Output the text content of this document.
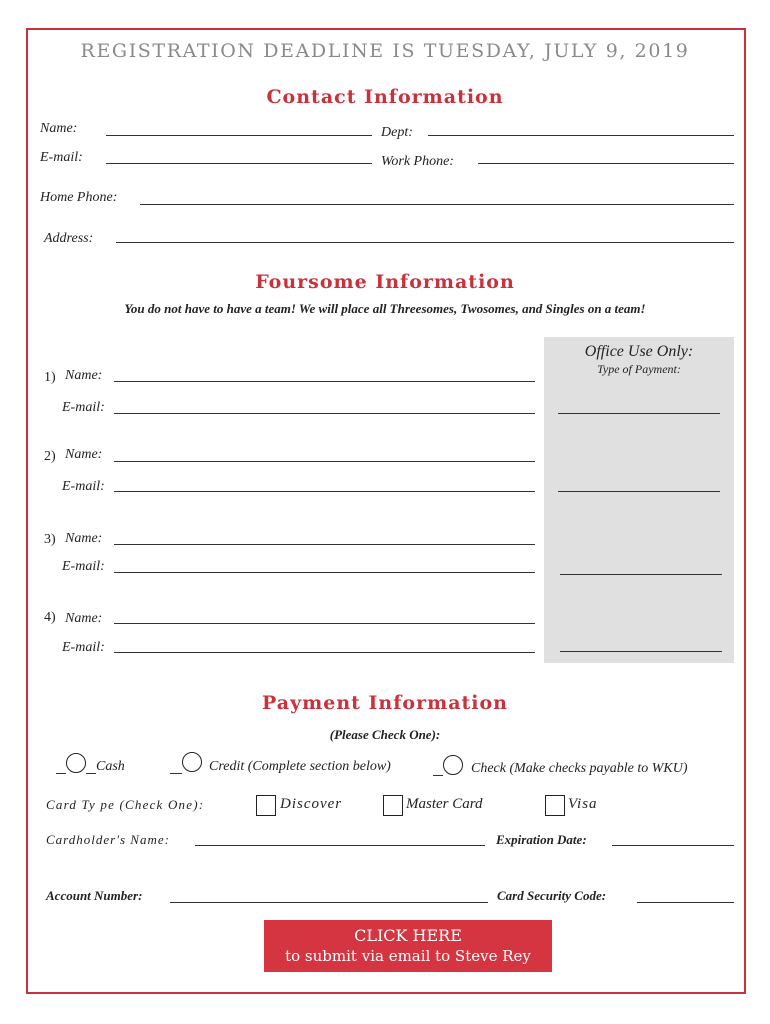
REGISTRATION DEADLINE IS TUESDAY, JULY 9, 2019
Contact Information
Name:	Dept:
E-mail:	Work Phone:
Home Phone:
Address:
Foursome Information
You do not have to have a team! We will place all Threesomes, Twosomes, and Singles on a team!
1) Name:
E-mail:
2) Name:
E-mail:
3) Name:
E-mail:
4) Name:
E-mail:
Office Use Only:
Type of Payment:
Payment Information
(Please Check One):
Cash	Credit (Complete section below)	Check (Make checks payable to WKU)
Card Ty pe (Check One):	Discover	Master Card	Visa
Cardholder's Name:	Expiration Date:
Account Number:	Card Security Code:
CLICK HERE
to submit via email to Steve Rey
